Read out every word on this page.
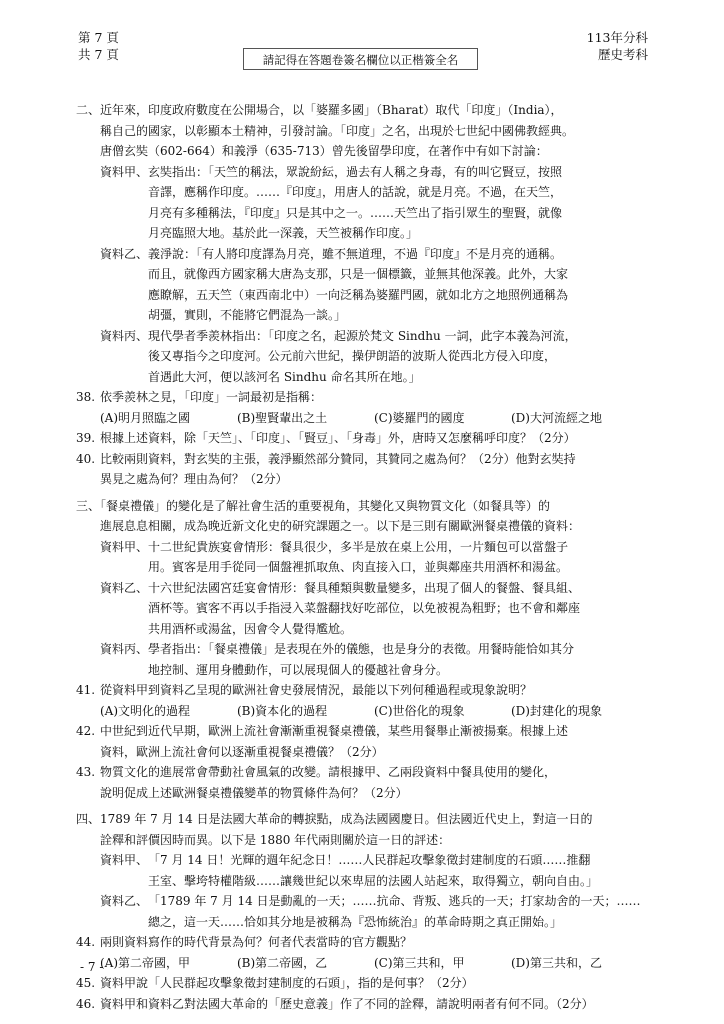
第 7 頁
共 7 頁	請記得在答題卷簽名欄位以正楷簽全名
113年分科
歷史考科
二、近年來，印度政府數度在公開場合，以「婆羅多國」（Bharat）取代「印度」（India），
稱自己的國家，以彰顯本土精神，引發討論。「印度」之名，出現於七世紀中國佛教經典。
唐僧玄奘（602-664）和義淨（635-713）曾先後留學印度，在著作中有如下討論：
資料甲、 玄奘指出：「天竺的稱法，眾說紛紜，過去有人稱之身毒，有的叫它賢豆，按照
音譯，應稱作印度。……『印度』，用唐人的話說，就是月亮。不過，在天竺，
月亮有多種稱法，『印度』只是其中之一。……天竺出了指引眾生的聖賢，就像
月亮臨照大地。基於此一深義，天竺被稱作印度。」
資料乙、 義淨說：「有人將印度譯為月亮，雖不無道理，不過『印度』不是月亮的通稱。
而且，就像西方國家稱大唐為支那，只是一個標籤，並無其他深義。此外，大家
應瞭解，五天竺（東西南北中）一向泛稱為婆羅門國，就如北方之地照例通稱為
胡彊，實則，不能將它們混為一談。」
資料丙、 現代學者季羨林指出：「印度之名，起源於梵文 Sindhu 一詞，此字本義為河流，
後又專指今之印度河。公元前六世紀，操伊朗語的波斯人從西北方侵入印度，
首遇此大河，便以該河名 Sindhu 命名其所在地。」
38. 依季羨林之見，「印度」一詞最初是指稱：
(A)明月照臨之國	(B)聖賢輩出之土	(C)婆羅門的國度	(D)大河流經之地
39. 根據上述資料，除「天竺」、「印度」、「賢豆」、「身毒」外，唐時又怎麼稱呼印度？（2分）
40. 比較兩則資料，對玄奘的主張，義淨顯然部分贊同，其贊同之處為何？（2分）他對玄奘持
異見之處為何？理由為何？（2分）
三、「餐桌禮儀」的變化是了解社會生活的重要視角，其變化又與物質文化（如餐具等）的
進展息息相關，成為晚近新文化史的研究課題之一。以下是三則有關歐洲餐桌禮儀的資料：
資料甲、 十二世紀貴族宴會情形：餐具很少，多半是放在桌上公用，一片麵包可以當盤子
用。賓客是用手從同一個盤裡抓取魚、肉直接入口，並與鄰座共用酒杯和湯盆。
資料乙、 十六世紀法國宮廷宴會情形：餐具種類與數量變多，出現了個人的餐盤、餐具組、
酒杯等。賓客不再以手指浸入菜盤翻找好吃部位，以免被視為粗野；也不會和鄰座
共用酒杯或湯盆，因會令人覺得尷尬。
資料丙、 學者指出：「餐桌禮儀」是表現在外的儀態，也是身分的表徵。用餐時能恰如其分
地控制、運用身體動作，可以展現個人的優越社會身分。
41. 從資料甲到資料乙呈現的歐洲社會史發展情況，最能以下列何種過程或現象說明？
(A)文明化的過程	(B)資本化的過程	(C)世俗化的現象	(D)封建化的現象
42. 中世紀到近代早期，歐洲上流社會漸漸重視餐桌禮儀，某些用餐舉止漸被揚棄。根據上述
資料，歐洲上流社會何以逐漸重視餐桌禮儀？（2分）
43. 物質文化的進展常會帶動社會風氣的改變。請根據甲、乙兩段資料中餐具使用的變化，
說明促成上述歐洲餐桌禮儀變革的物質條件為何？（2分）
四、1789 年 7 月 14 日是法國大革命的轉捩點，成為法國國慶日。但法國近代史上，對這一日的
詮釋和評價因時而異。以下是 1880 年代兩則關於這一日的評述：
資料甲、 「7 月 14 日！光輝的週年紀念日！……人民群起攻擊象徵封建制度的石頭……推翻
王室、擊垮特權階級……讓幾世紀以來卑屈的法國人站起來，取得獨立，朝向自由。」
資料乙、 「1789 年 7 月 14 日是動亂的一天；……抗命、背叛、逃兵的一天；打家劫舍的一天；……
總之，這一天……恰如其分地是被稱為『恐怖統治』的革命時期之真正開始。」
44. 兩則資料寫作的時代背景為何？何者代表當時的官方觀點？
(A)第二帝國，甲	(B)第二帝國，乙	(C)第三共和，甲	(D)第三共和，乙
45. 資料甲說「人民群起攻擊象徵封建制度的石頭」，指的是何事？（2分）
46. 資料甲和資料乙對法國大革命的「歷史意義」作了不同的詮釋，請說明兩者有何不同。（2分）
- 7 -
